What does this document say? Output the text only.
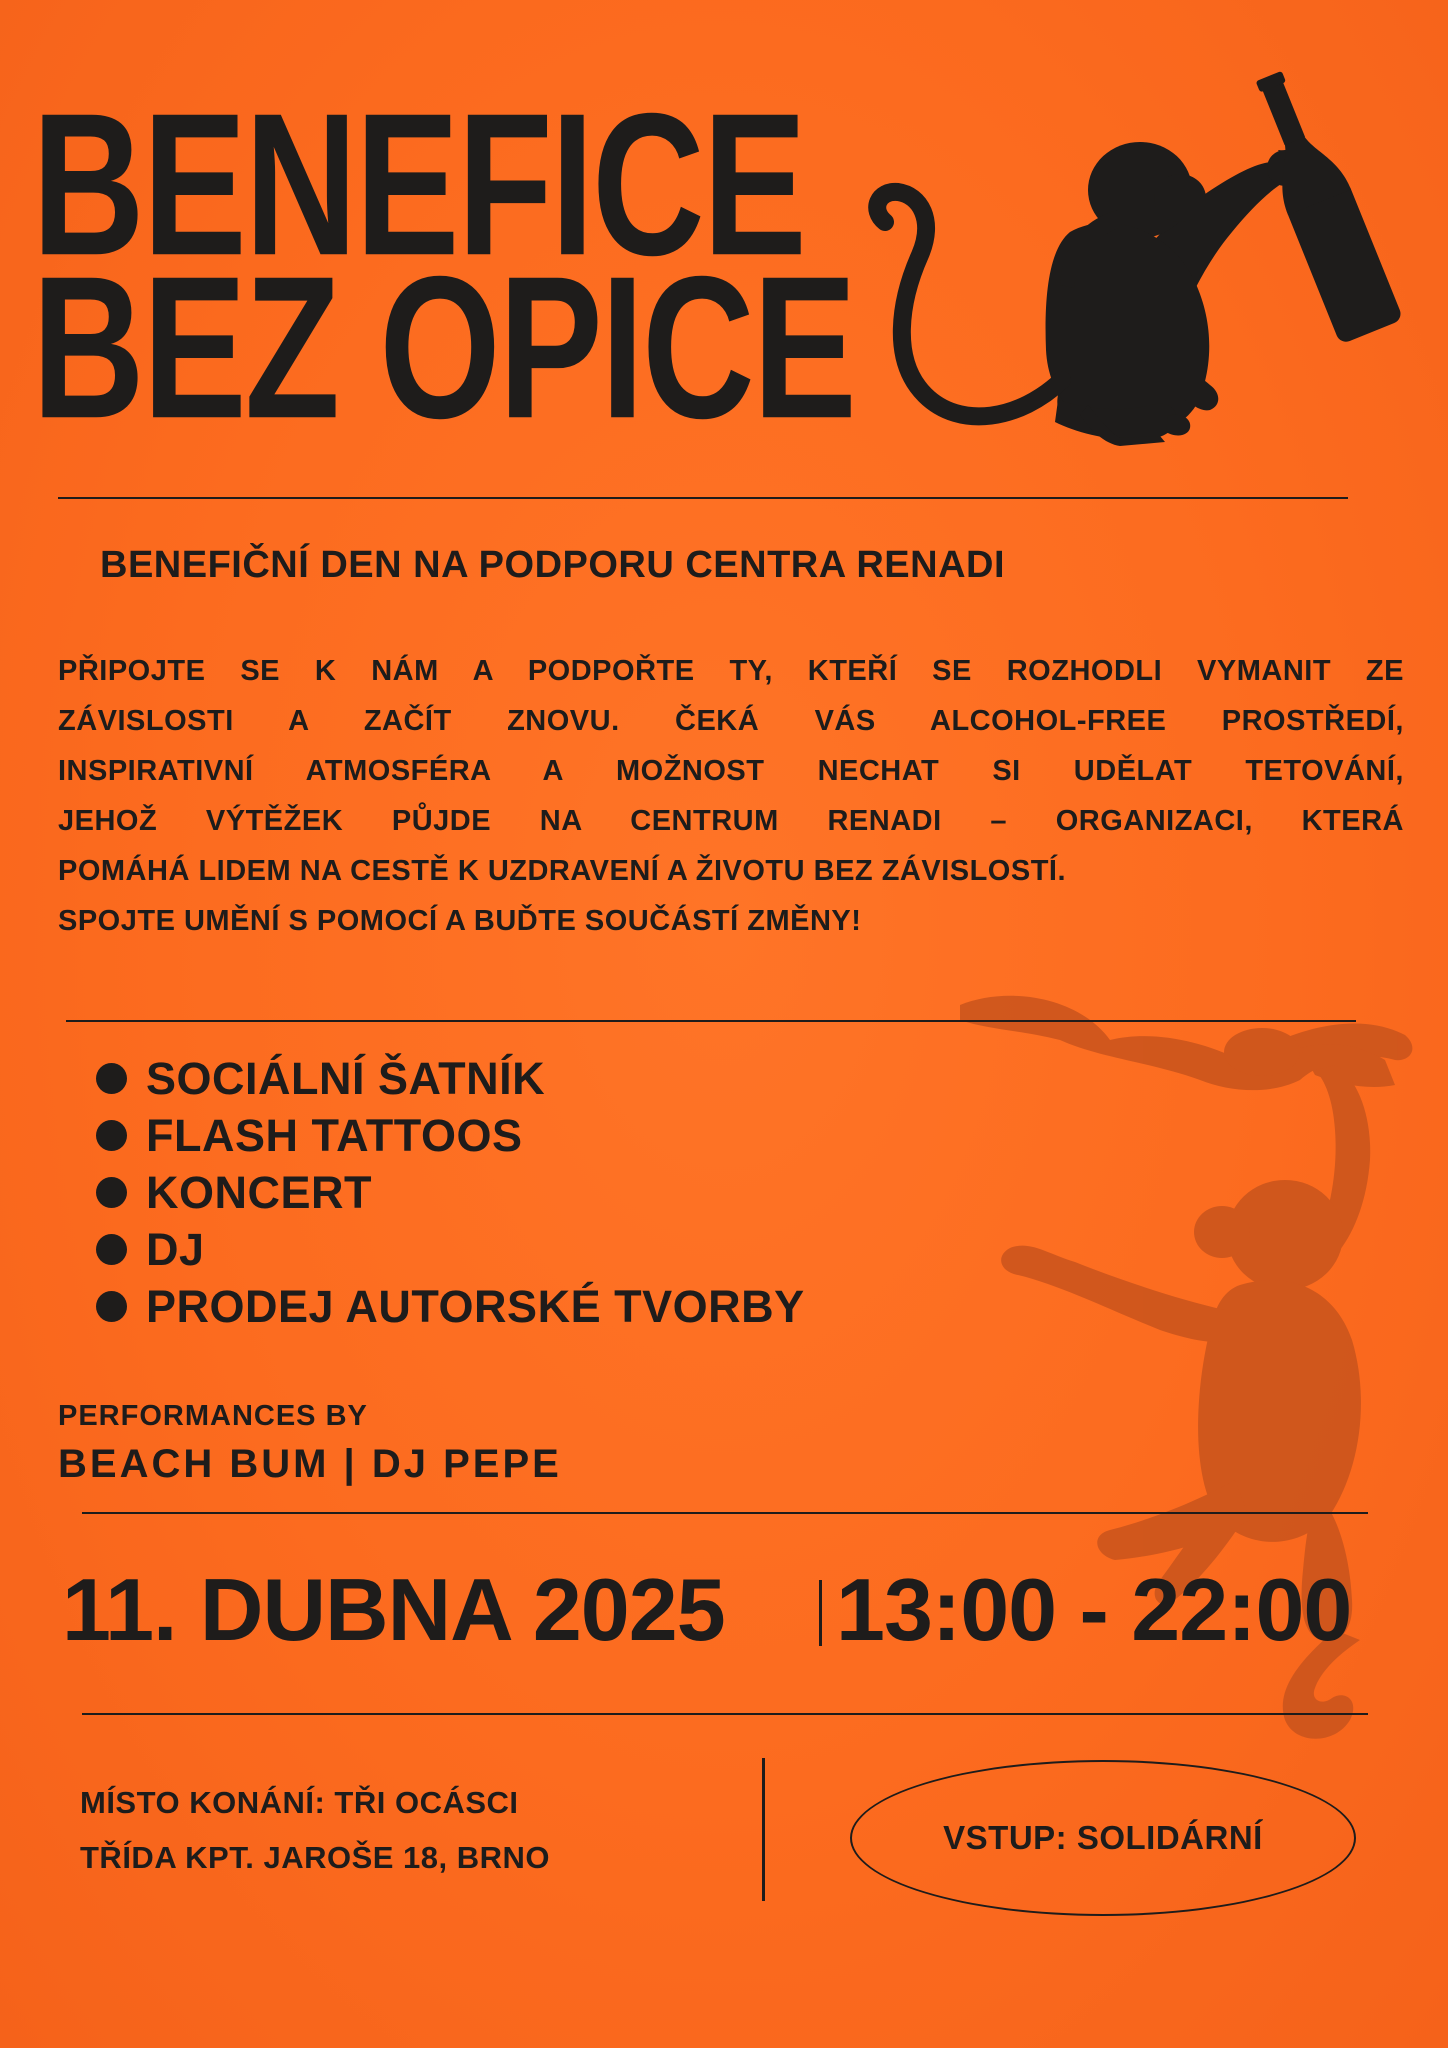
BENEFICE
BEZ OPICE
BENEFIČNÍ DEN NA PODPORU CENTRA RENADI
PŘIPOJTE SE K NÁM A PODPOŘTE TY, KTEŘÍ SE ROZHODLI VYMANIT ZE
ZÁVISLOSTI A ZAČÍT ZNOVU. ČEKÁ VÁS ALCOHOL-FREE PROSTŘEDÍ,
INSPIRATIVNÍ ATMOSFÉRA A MOŽNOST NECHAT SI UDĚLAT TETOVÁNÍ,
JEHOŽ VÝTĚŽEK PŮJDE NA CENTRUM RENADI – ORGANIZACI, KTERÁ
POMÁHÁ LIDEM NA CESTĚ K UZDRAVENÍ A ŽIVOTU BEZ ZÁVISLOSTÍ.
SPOJTE UMĚNÍ S POMOCÍ A BUĎTE SOUČÁSTÍ ZMĚNY!
SOCIÁLNÍ ŠATNÍK
FLASH TATTOOS
KONCERT
DJ
PRODEJ AUTORSKÉ TVORBY
PERFORMANCES BY
BEACH BUM | DJ PEPE
11. DUBNA 2025 13:00 - 22:00
MÍSTO KONÁNÍ: TŘI OCÁSCI
TŘÍDA KPT. JAROŠE 18, BRNO
VSTUP: SOLIDÁRNÍ
